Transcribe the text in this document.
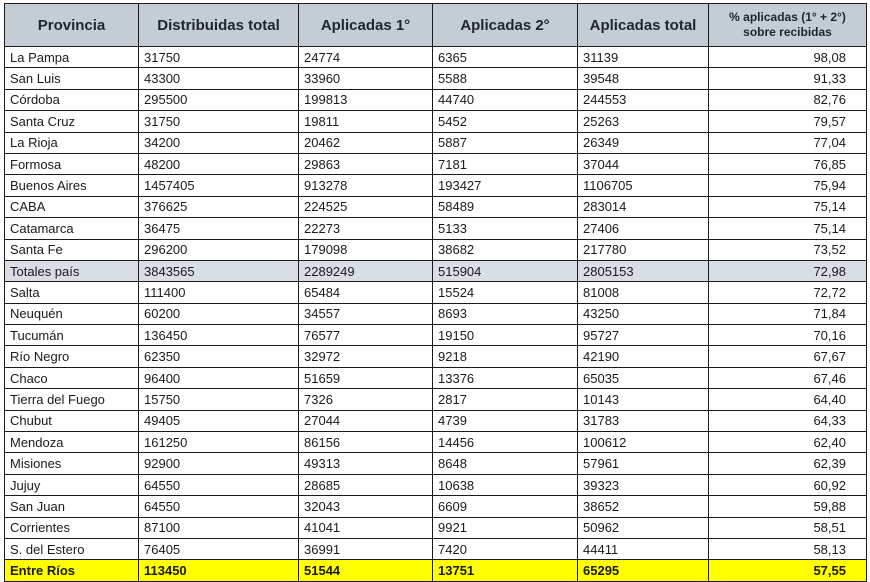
Provincia	Distribuidas total	Aplicadas 1°	Aplicadas 2°	Aplicadas total	% aplicadas (1° + 2°)
sobre recibidas

La Pampa	31750	24774	6365	31139	98,08
San Luis	43300	33960	5588	39548	91,33
Córdoba	295500	199813	44740	244553	82,76
Santa Cruz	31750	19811	5452	25263	79,57
La Rioja	34200	20462	5887	26349	77,04
Formosa	48200	29863	7181	37044	76,85
Buenos Aires	1457405	913278	193427	1106705	75,94
CABA	376625	224525	58489	283014	75,14
Catamarca	36475	22273	5133	27406	75,14
Santa Fe	296200	179098	38682	217780	73,52
Totales país	3843565	2289249	515904	2805153	72,98
Salta	111400	65484	15524	81008	72,72
Neuquén	60200	34557	8693	43250	71,84
Tucumán	136450	76577	19150	95727	70,16
Río Negro	62350	32972	9218	42190	67,67
Chaco	96400	51659	13376	65035	67,46
Tierra del Fuego	15750	7326	2817	10143	64,40
Chubut	49405	27044	4739	31783	64,33
Mendoza	161250	86156	14456	100612	62,40
Misiones	92900	49313	8648	57961	62,39
Jujuy	64550	28685	10638	39323	60,92
San Juan	64550	32043	6609	38652	59,88
Corrientes	87100	41041	9921	50962	58,51
S. del Estero	76405	36991	7420	44411	58,13
Entre Ríos	113450	51544	13751	65295	57,55
